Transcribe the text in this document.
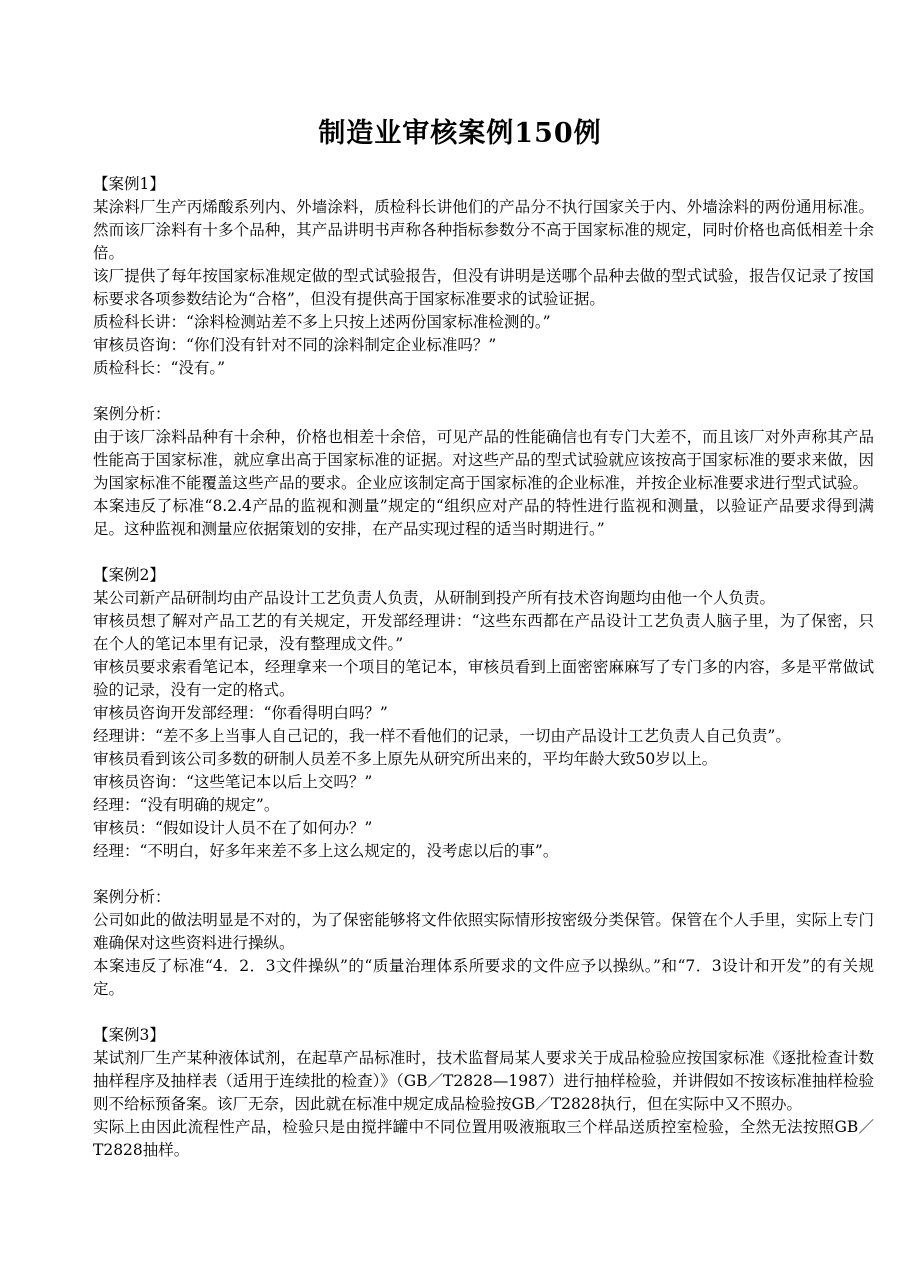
制造业审核案例150例

【案例1】

某涂料厂生产丙烯酸系列内、外墙涂料，质检科长讲他们的产品分不执行国家关于内、外墙涂料的两份通用标准。然而该厂涂料有十多个品种，其产品讲明书声称各种指标参数分不高于国家标准的规定，同时价格也高低相差十余倍。

该厂提供了每年按国家标准规定做的型式试验报告，但没有讲明是送哪个品种去做的型式试验，报告仅记录了按国标要求各项参数结论为“合格”，但没有提供高于国家标准要求的试验证据。

质检科长讲：“涂料检测站差不多上只按上述两份国家标准检测的。”

审核员咨询：“你们没有针对不同的涂料制定企业标准吗？”

质检科长：“没有。”

案例分析：

由于该厂涂料品种有十余种，价格也相差十余倍，可见产品的性能确信也有专门大差不，而且该厂对外声称其产品性能高于国家标准，就应拿出高于国家标准的证据。对这些产品的型式试验就应该按高于国家标准的要求来做，因为国家标准不能覆盖这些产品的要求。企业应该制定高于国家标准的企业标准，并按企业标准要求进行型式试验。

本案违反了标准“8.2.4产品的监视和测量”规定的“组织应对产品的特性进行监视和测量，以验证产品要求得到满足。这种监视和测量应依据策划的安排，在产品实现过程的适当时期进行。”

【案例2】

某公司新产品研制均由产品设计工艺负责人负责，从研制到投产所有技术咨询题均由他一个人负责。

审核员想了解对产品工艺的有关规定，开发部经理讲：“这些东西都在产品设计工艺负责人脑子里，为了保密，只在个人的笔记本里有记录，没有整理成文件。”

审核员要求索看笔记本，经理拿来一个项目的笔记本，审核员看到上面密密麻麻写了专门多的内容，多是平常做试验的记录，没有一定的格式。

审核员咨询开发部经理：“你看得明白吗？”

经理讲：“差不多上当事人自己记的，我一样不看他们的记录，一切由产品设计工艺负责人自己负责”。

审核员看到该公司多数的研制人员差不多上原先从研究所出来的，平均年龄大致50岁以上。

审核员咨询：“这些笔记本以后上交吗？”

经理：“没有明确的规定”。

审核员：“假如设计人员不在了如何办？”

经理：“不明白，好多年来差不多上这么规定的，没考虑以后的事”。

案例分析：

公司如此的做法明显是不对的，为了保密能够将文件依照实际情形按密级分类保管。保管在个人手里，实际上专门难确保对这些资料进行操纵。

本案违反了标准“4．2．3文件操纵”的“质量治理体系所要求的文件应予以操纵。”和“7．3设计和开发”的有关规定。

【案例3】

某试剂厂生产某种液体试剂，在起草产品标准时，技术监督局某人要求关于成品检验应按国家标准《逐批检查计数抽样程序及抽样表（适用于连续批的检查）》（GB／T2828—1987）进行抽样检验，并讲假如不按该标准抽样检验则不给标预备案。该厂无奈，因此就在标准中规定成品检验按GB／T2828执行，但在实际中又不照办。

实际上由因此流程性产品，检验只是由搅拌罐中不同位置用吸液瓶取三个样品送质控室检验，全然无法按照GB／T2828抽样。
